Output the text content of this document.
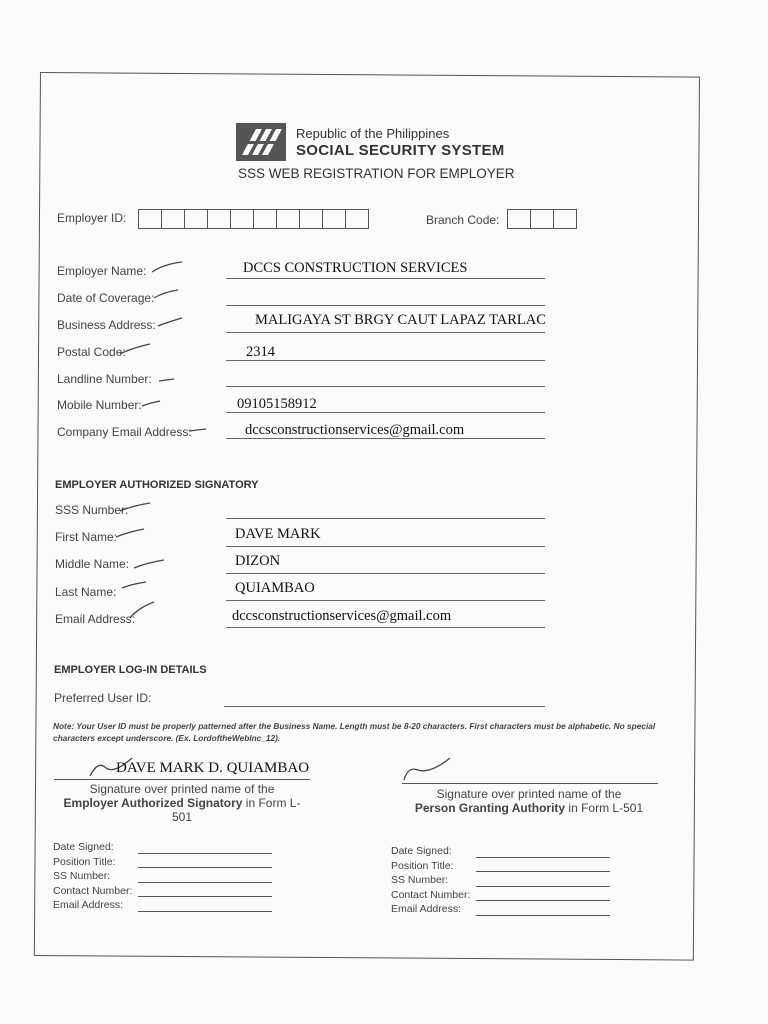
Republic of the Philippines
SOCIAL SECURITY SYSTEM
SSS WEB REGISTRATION FOR EMPLOYER
Employer ID:	Branch Code:
Employer Name:	DCCS CONSTRUCTION SERVICES
Date of Coverage:
Business Address:	MALIGAYA ST BRGY CAUT LAPAZ TARLAC
Postal Code:	2314
Landline Number:
Mobile Number:	09105158912
Company Email Address:	dccsconstructionservices@gmail.com
EMPLOYER AUTHORIZED SIGNATORY
SSS Number:
First Name:	DAVE MARK
Middle Name:	DIZON
Last Name:	QUIAMBAO
Email Address:	dccsconstructionservices@gmail.com
EMPLOYER LOG-IN DETAILS
Preferred User ID:
Note: Your User ID must be properly patterned after the Business Name. Length must be 8-20 characters. First characters must be alphabetic. No special characters except underscore. (Ex. LordoftheWebInc_12).
DAVE MARK D. QUIAMBAO
Signature over printed name of the
Employer Authorized Signatory in Form L-501
Signature over printed name of the
Person Granting Authority in Form L-501
Date Signed:
Position Title:
SS Number:
Contact Number:
Email Address:
Date Signed:
Position Title:
SS Number:
Contact Number:
Email Address:
